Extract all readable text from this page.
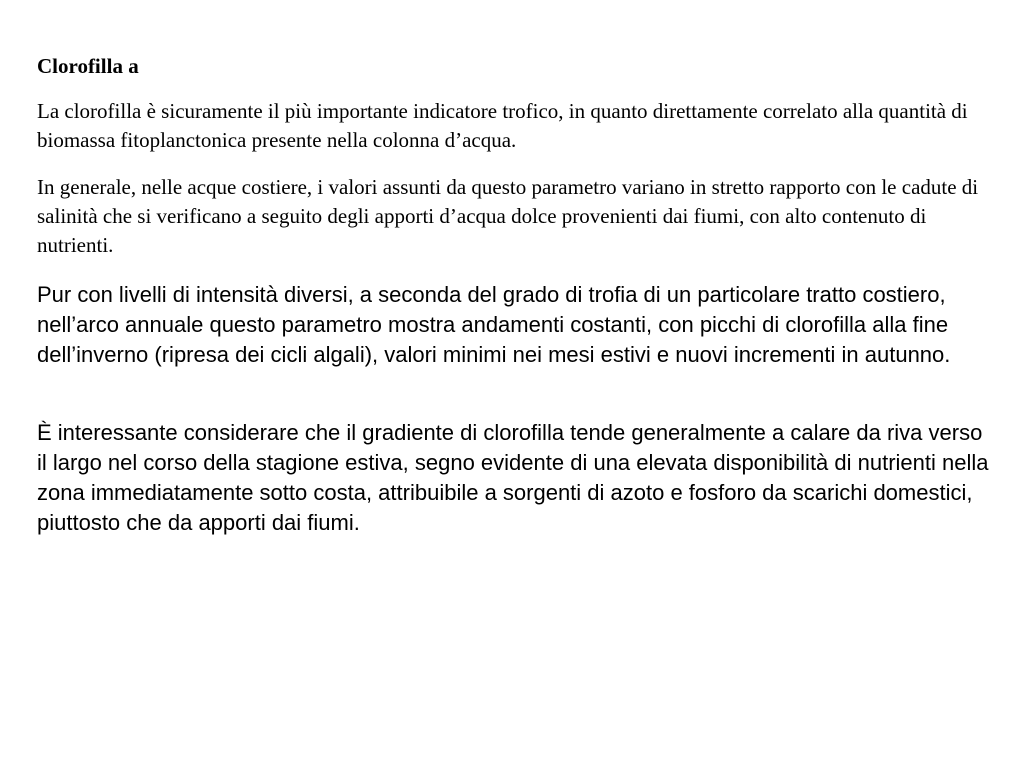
Clorofilla a

La clorofilla è sicuramente il più importante indicatore trofico, in quanto direttamente correlato alla quantità di biomassa fitoplanctonica presente nella colonna d’acqua.

In generale, nelle acque costiere, i valori assunti da questo parametro variano in stretto rapporto con le cadute di salinità che si verificano a seguito degli apporti d’acqua dolce provenienti dai fiumi, con alto contenuto di nutrienti.

Pur con livelli di intensità diversi, a seconda del grado di trofia di un particolare tratto costiero, nell’arco annuale questo parametro mostra andamenti costanti, con picchi di clorofilla alla fine dell’inverno (ripresa dei cicli algali), valori minimi nei mesi estivi e nuovi incrementi in autunno.

È interessante considerare che il gradiente di clorofilla tende generalmente a calare da riva verso il largo nel corso della stagione estiva, segno evidente di una elevata disponibilità di nutrienti nella zona immediatamente sotto costa, attribuibile a sorgenti di azoto e fosforo da scarichi domestici, piuttosto che da apporti dai fiumi.
